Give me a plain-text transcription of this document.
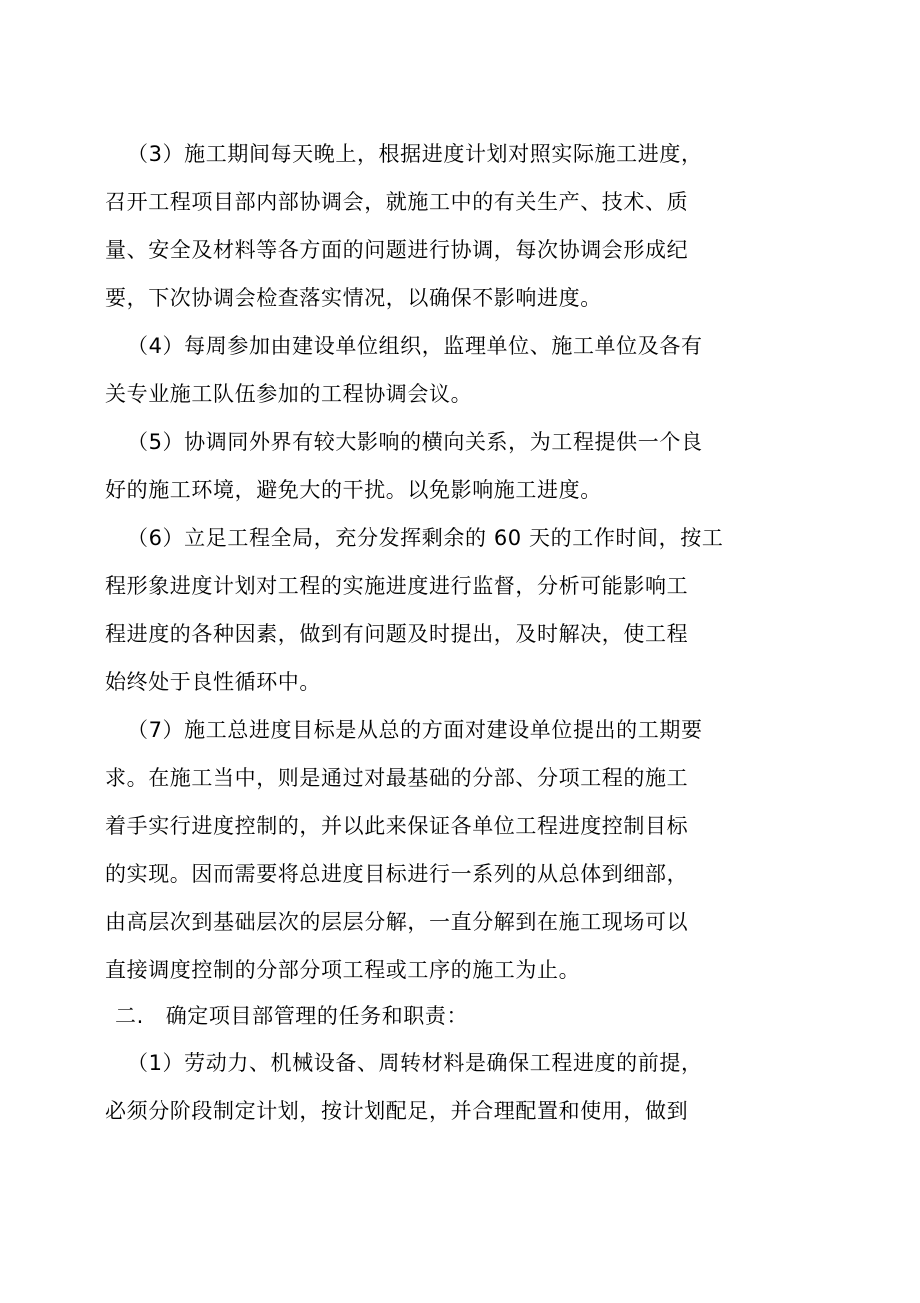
（3）施工期间每天晚上，根据进度计划对照实际施工进度，
召开工程项目部内部协调会，就施工中的有关生产、技术、质
量、安全及材料等各方面的问题进行协调，每次协调会形成纪
要，下次协调会检查落实情况，以确保不影响进度。
（4）每周参加由建设单位组织，监理单位、施工单位及各有
关专业施工队伍参加的工程协调会议。
（5）协调同外界有较大影响的横向关系，为工程提供一个良
好的施工环境，避免大的干扰。以免影响施工进度。
（6）立足工程全局，充分发挥剩余的 60 天的工作时间，按工
程形象进度计划对工程的实施进度进行监督，分析可能影响工
程进度的各种因素，做到有问题及时提出，及时解决，使工程
始终处于良性循环中。
（7）施工总进度目标是从总的方面对建设单位提出的工期要
求。在施工当中，则是通过对最基础的分部、分项工程的施工
着手实行进度控制的，并以此来保证各单位工程进度控制目标
的实现。因而需要将总进度目标进行一系列的从总体到细部，
由高层次到基础层次的层层分解，一直分解到在施工现场可以
直接调度控制的分部分项工程或工序的施工为止。
二.   确定项目部管理的任务和职责：
（1）劳动力、机械设备、周转材料是确保工程进度的前提，
必须分阶段制定计划，按计划配足，并合理配置和使用，做到
